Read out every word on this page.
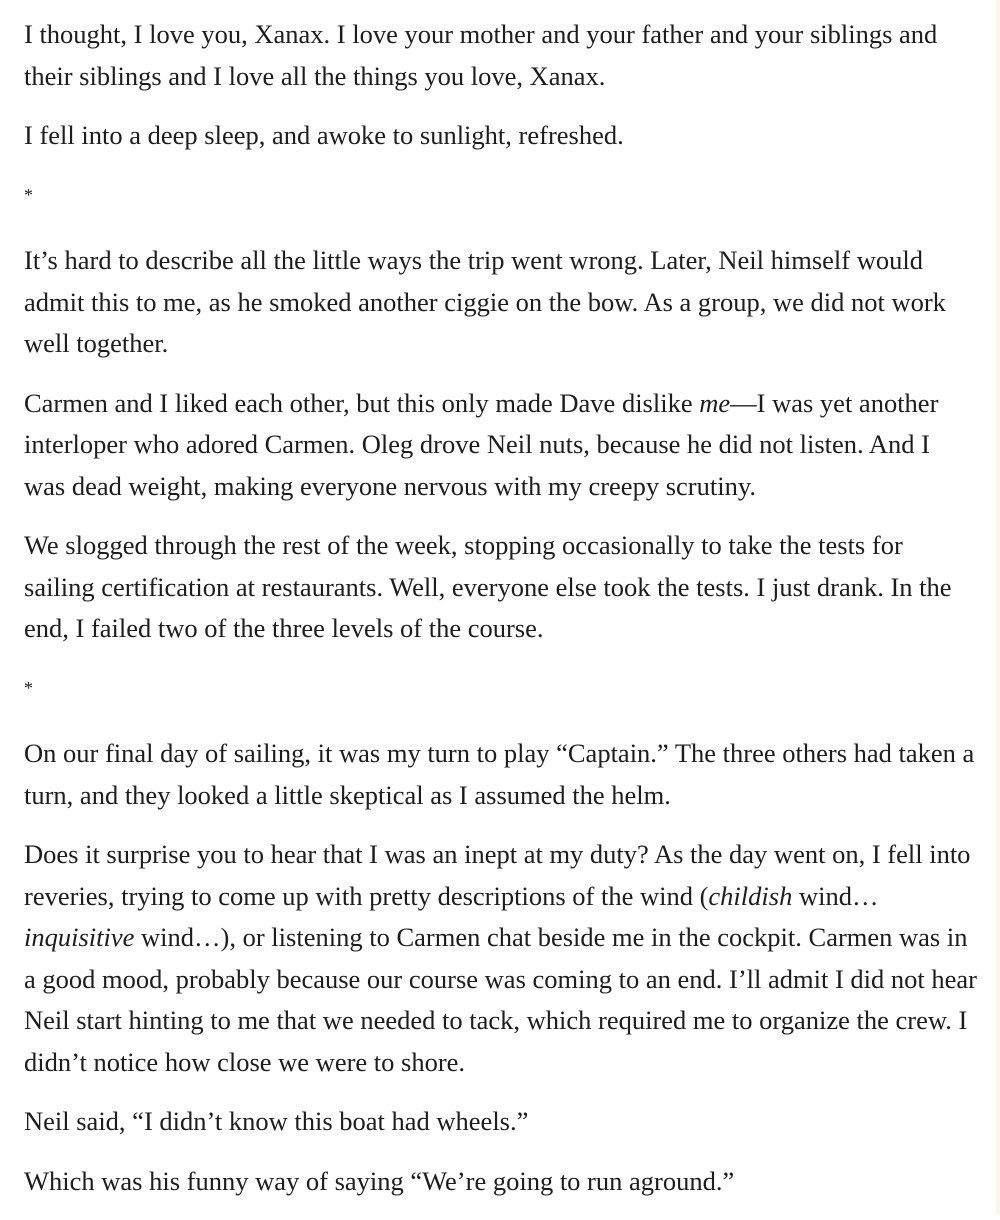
I thought, I love you, Xanax. I love your mother and your father and your siblings and
their siblings and I love all the things you love, Xanax.

I fell into a deep sleep, and awoke to sunlight, refreshed.

*

It’s hard to describe all the little ways the trip went wrong. Later, Neil himself would
admit this to me, as he smoked another ciggie on the bow. As a group, we did not work
well together.

Carmen and I liked each other, but this only made Dave dislike me—I was yet another
interloper who adored Carmen. Oleg drove Neil nuts, because he did not listen. And I
was dead weight, making everyone nervous with my creepy scrutiny.

We slogged through the rest of the week, stopping occasionally to take the tests for
sailing certification at restaurants. Well, everyone else took the tests. I just drank. In the
end, I failed two of the three levels of the course.

*

On our final day of sailing, it was my turn to play “Captain.” The three others had taken a
turn, and they looked a little skeptical as I assumed the helm.

Does it surprise you to hear that I was an inept at my duty? As the day went on, I fell into
reveries, trying to come up with pretty descriptions of the wind (childish wind…
inquisitive wind…), or listening to Carmen chat beside me in the cockpit. Carmen was in
a good mood, probably because our course was coming to an end. I’ll admit I did not hear
Neil start hinting to me that we needed to tack, which required me to organize the crew. I
didn’t notice how close we were to shore.

Neil said, “I didn’t know this boat had wheels.”

Which was his funny way of saying “We’re going to run aground.”
